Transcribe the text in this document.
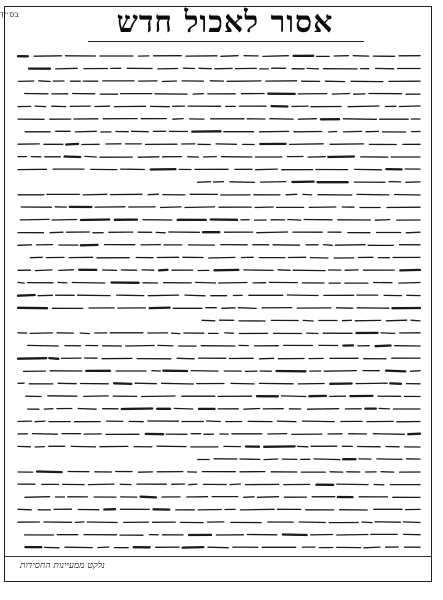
בס״ד	אסור לאכול חדש
נלקט ממעיינות החסידות
